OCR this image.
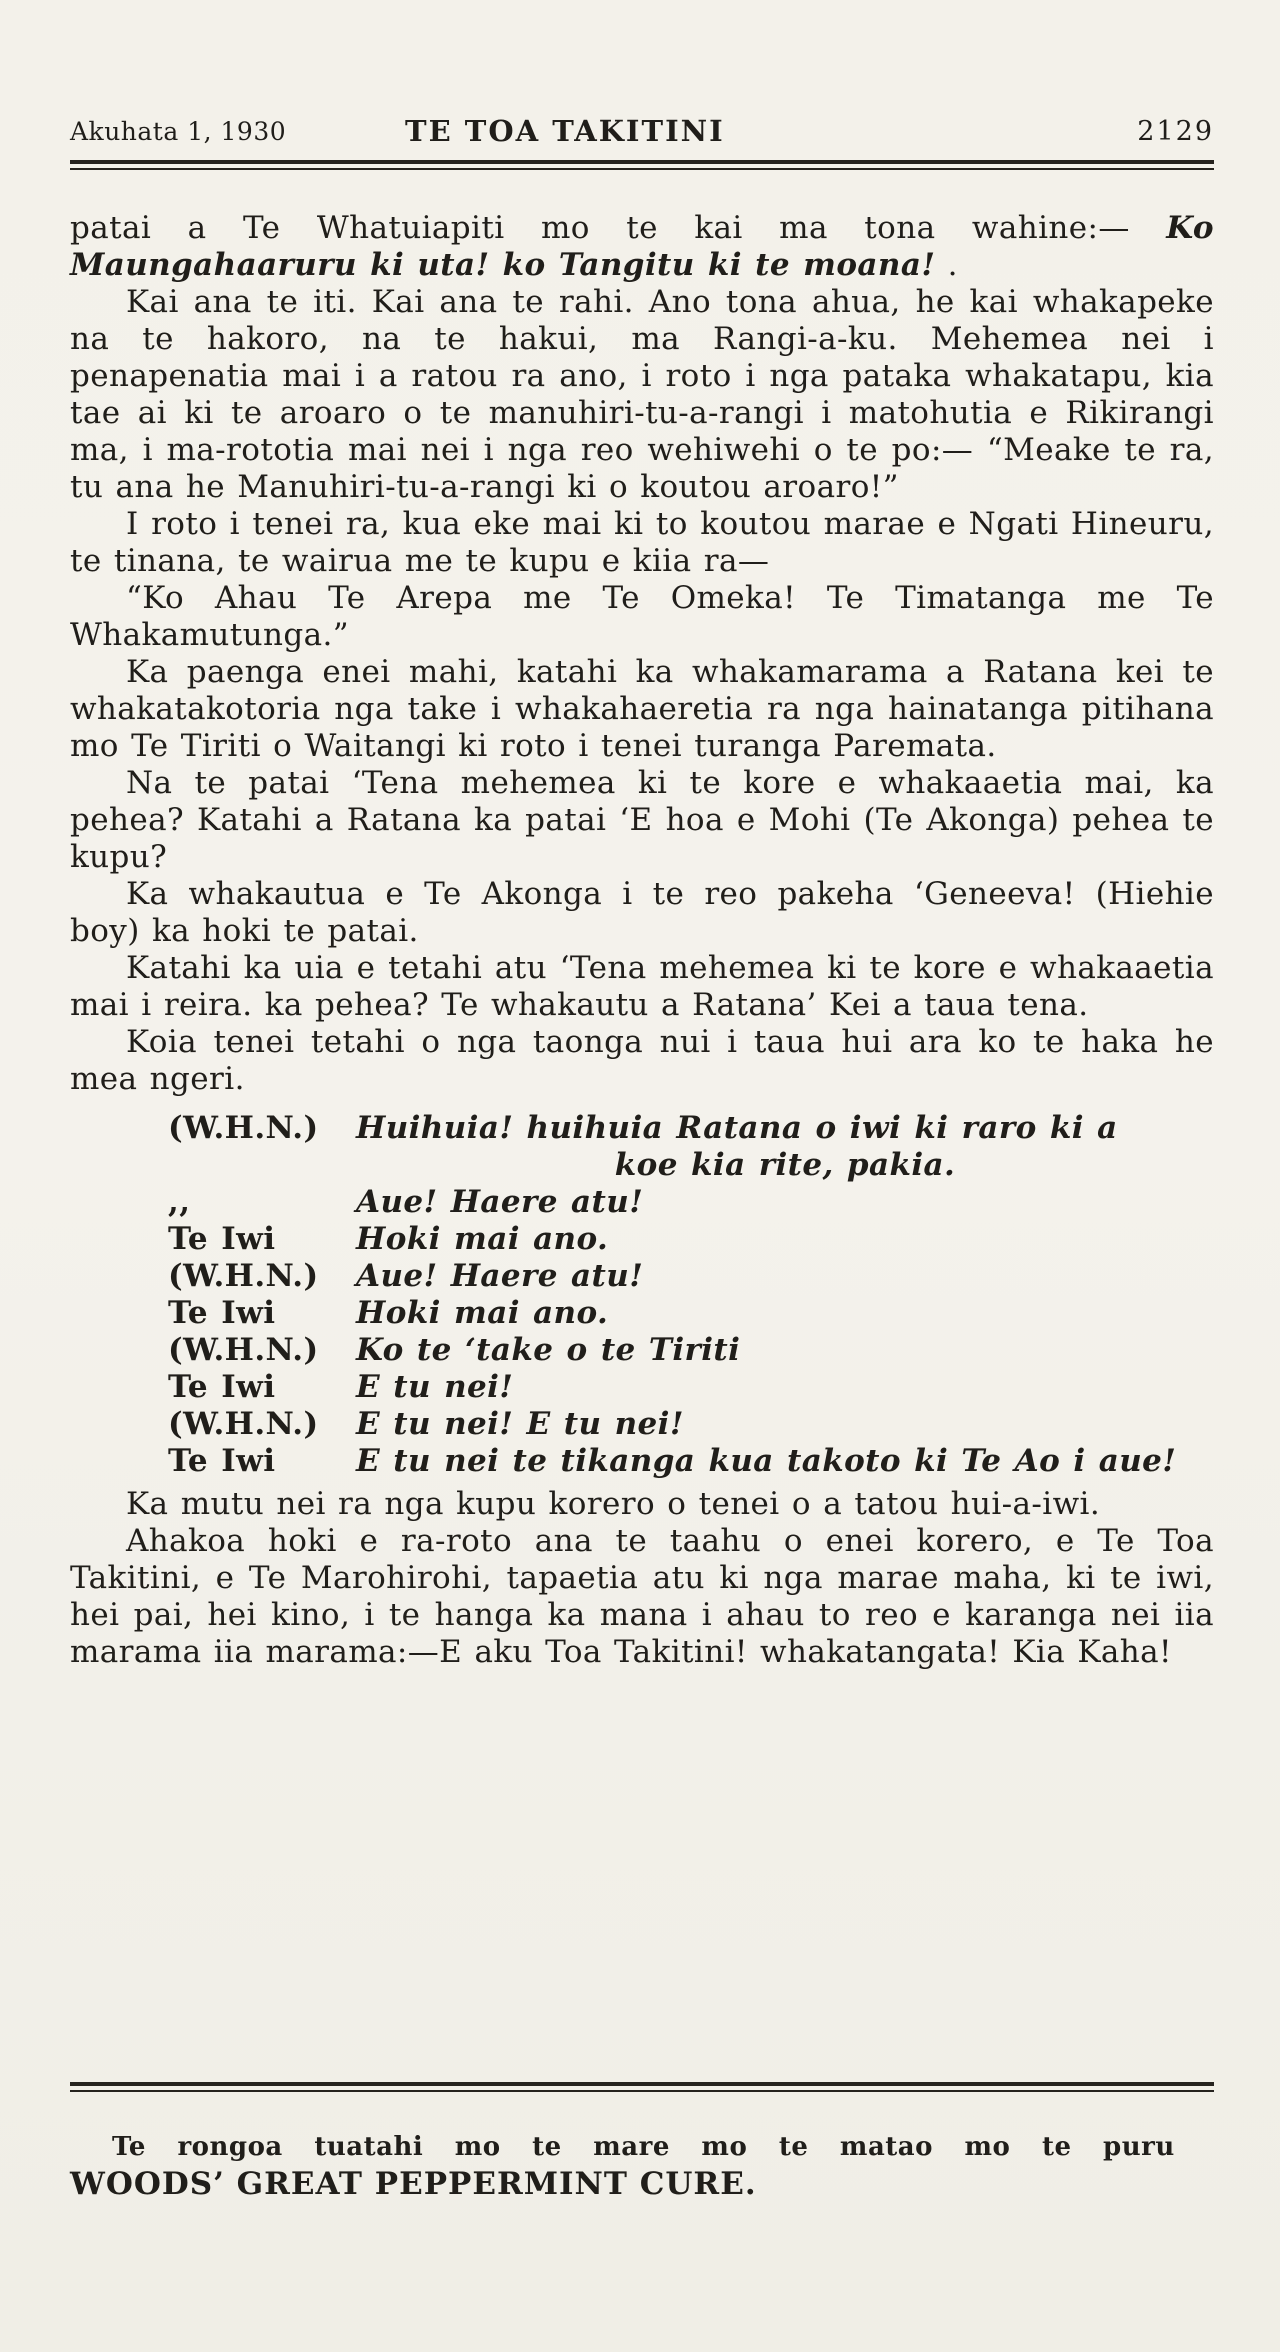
Akuhata 1, 1930	TE TOA TAKITINI	2129

patai a Te Whatuiapiti mo te kai ma tona wahine:— Ko Maungahaaruru ki uta! ko Tangitu ki te moana! .

Kai ana te iti. Kai ana te rahi. Ano tona ahua, he kai whakapeke na te hakoro, na te hakui, ma Rangi-a-ku. Mehemea nei i penapenatia mai i a ratou ra ano, i roto i nga pataka whakatapu, kia tae ai ki te aroaro o te manuhiri-tu-a-rangi i matohutia e Rikirangi ma, i ma-rototia mai nei i nga reo wehiwehi o te po:— “Meake te ra, tu ana he Manuhiri-tu-a-rangi ki o koutou aroaro!”

I roto i tenei ra, kua eke mai ki to koutou marae e Ngati Hineuru, te tinana, te wairua me te kupu e kiia ra—

“Ko Ahau Te Arepa me Te Omeka! Te Timatanga me Te Whakamutunga.”

Ka paenga enei mahi, katahi ka whakamarama a Ratana kei te whakatakotoria nga take i whakahaeretia ra nga hainatanga pitihana mo Te Tiriti o Waitangi ki roto i tenei turanga Paremata.

Na te patai ‘Tena mehemea ki te kore e whakaaetia mai, ka pehea? Katahi a Ratana ka patai ‘E hoa e Mohi (Te Akonga) pehea te kupu?

Ka whakautua e Te Akonga i te reo pakeha ‘Geneeva! (Hiehie boy) ka hoki te patai.

Katahi ka uia e tetahi atu ‘Tena mehemea ki te kore e whakaaetia mai i reira. ka pehea? Te whakautu a Ratana’ Kei a taua tena.

Koia tenei tetahi o nga taonga nui i taua hui ara ko te haka he mea ngeri.

(W.H.N.)	Huihuia! huihuia Ratana o iwi ki raro ki a
koe kia rite, pakia.
,,	Aue! Haere atu!
Te Iwi	Hoki mai ano.
(W.H.N.)	Aue! Haere atu!
Te Iwi	Hoki mai ano.
(W.H.N.)	Ko te ‘take o te Tiriti
Te Iwi	E tu nei!
(W.H.N.)	E tu nei! E tu nei!
Te Iwi	E tu nei te tikanga kua takoto ki Te Ao i aue!

Ka mutu nei ra nga kupu korero o tenei o a tatou hui-a-iwi.

Ahakoa hoki e ra-roto ana te taahu o enei korero, e Te Toa Takitini, e Te Marohirohi, tapaetia atu ki nga marae maha, ki te iwi, hei pai, hei kino, i te hanga ka mana i ahau to reo e karanga nei iia marama iia marama:—E aku Toa Takitini! whakatangata! Kia Kaha!

Te rongoa tuatahi mo te mare mo te matao mo te puru

WOODS’ GREAT PEPPERMINT CURE.
